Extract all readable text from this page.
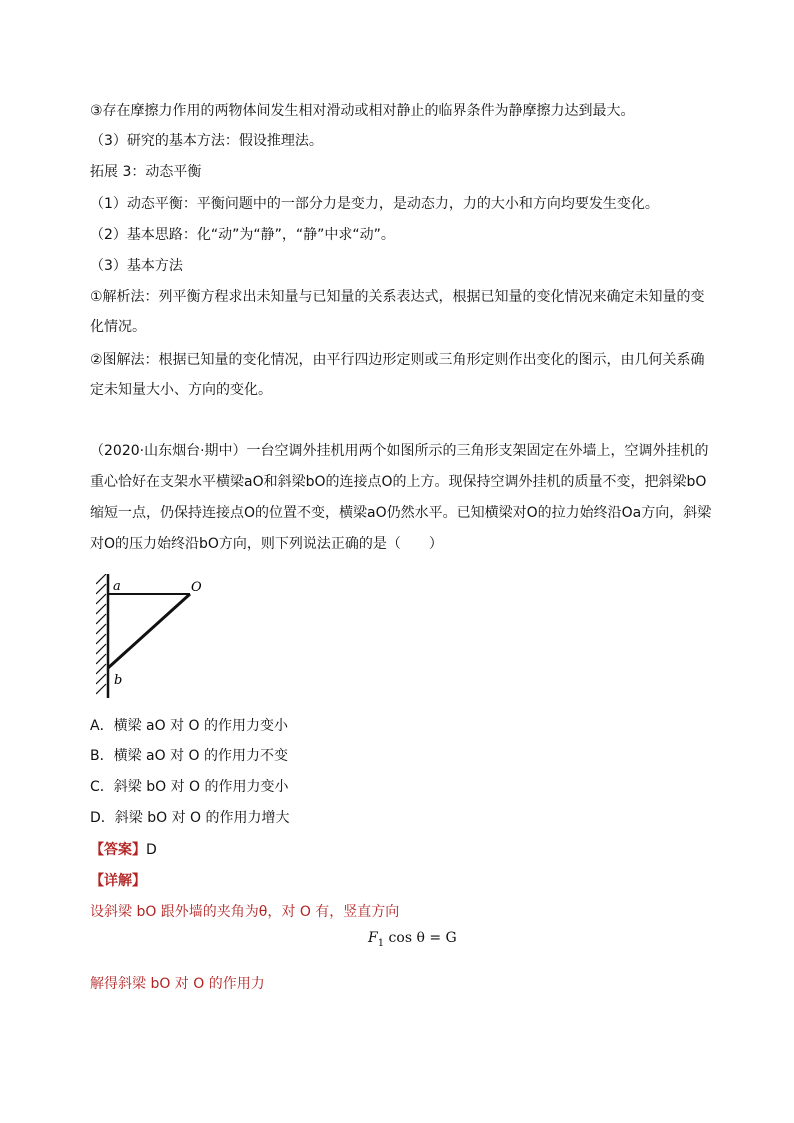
③存在摩擦力作用的两物体间发生相对滑动或相对静止的临界条件为静摩擦力达到最大。
（3）研究的基本方法：假设推理法。
拓展 3：动态平衡
（1）动态平衡：平衡问题中的一部分力是变力，是动态力，力的大小和方向均要发生变化。
（2）基本思路：化“动”为“静”，“静”中求“动”。
（3）基本方法
①解析法：列平衡方程求出未知量与已知量的关系表达式，根据已知量的变化情况来确定未知量的变化情况。
②图解法：根据已知量的变化情况，由平行四边形定则或三角形定则作出变化的图示，由几何关系确定未知量大小、方向的变化。
（2020·山东烟台·期中）一台空调外挂机用两个如图所示的三角形支架固定在外墙上，空调外挂机的重心恰好在支架水平横梁aO和斜梁bO的连接点O的上方。现保持空调外挂机的质量不变，把斜梁bO缩短一点，仍保持连接点O的位置不变，横梁aO仍然水平。已知横梁对O的拉力始终沿Oa方向，斜梁对O的压力始终沿bO方向，则下列说法正确的是（　　）
a	O
b
A．横梁 aO 对 O 的作用力变小
B．横梁 aO 对 O 的作用力不变
C．斜梁 bO 对 O 的作用力变小
D．斜梁 bO 对 O 的作用力增大
【答案】D
【详解】
设斜梁 bO 跟外墙的夹角为θ，对 O 有，竖直方向
$F_1$ cos θ = G
解得斜梁 bO 对 O 的作用力
